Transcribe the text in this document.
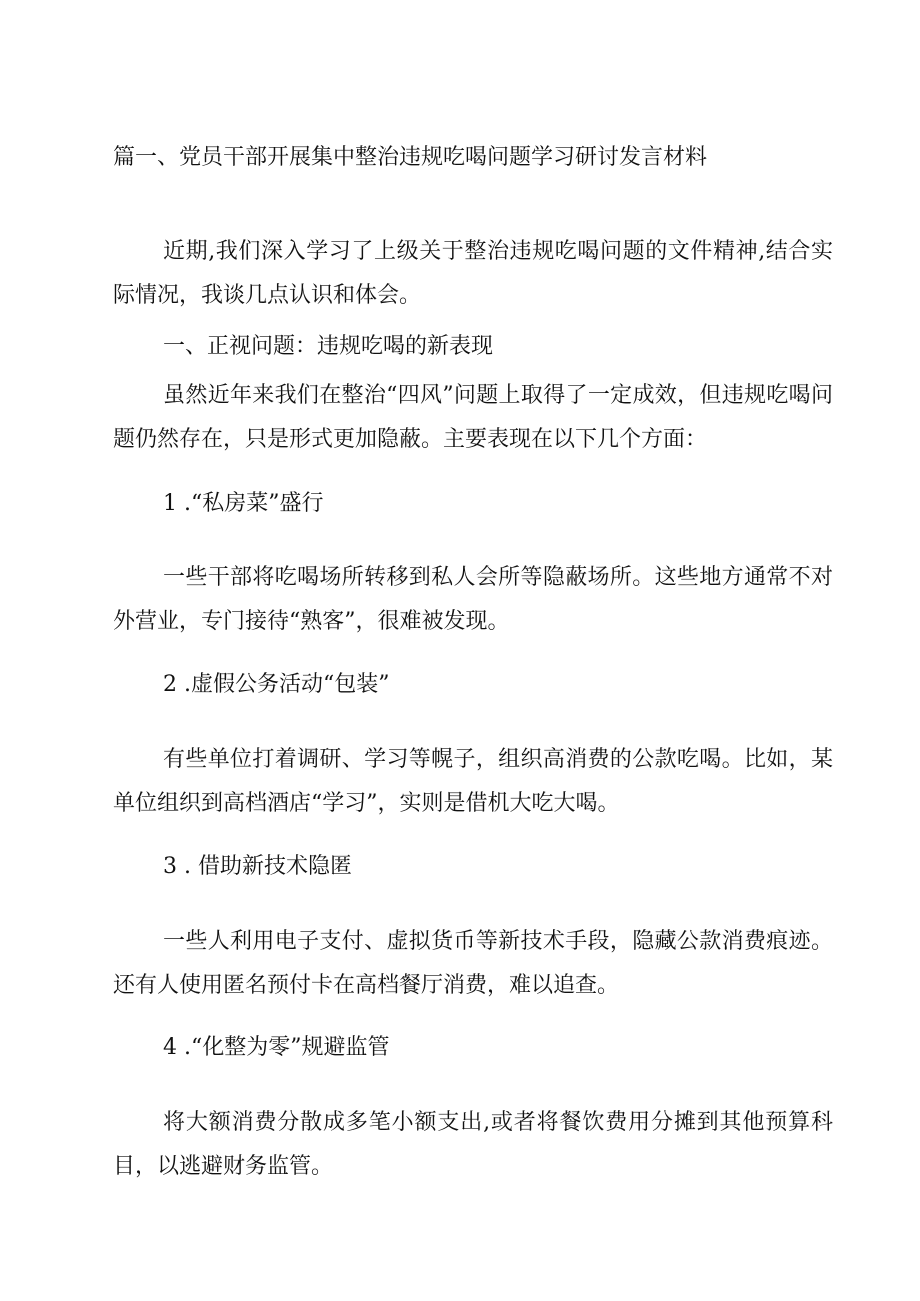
篇一、党员干部开展集中整治违规吃喝问题学习研讨发言材料
近期,我们深入学习了上级关于整治违规吃喝问题的文件精神,结合实际情况，我谈几点认识和体会。
一、正视问题：违规吃喝的新表现
虽然近年来我们在整治“四风”问题上取得了一定成效，但违规吃喝问题仍然存在，只是形式更加隐蔽。主要表现在以下几个方面：
1 .“私房菜”盛行
一些干部将吃喝场所转移到私人会所等隐蔽场所。这些地方通常不对外营业，专门接待“熟客”，很难被发现。
2 .虚假公务活动“包装”
有些单位打着调研、学习等幌子，组织高消费的公款吃喝。比如，某单位组织到高档酒店“学习”，实则是借机大吃大喝。
3 . 借助新技术隐匿
一些人利用电子支付、虚拟货币等新技术手段，隐藏公款消费痕迹。还有人使用匿名预付卡在高档餐厅消费，难以追查。
4 .“化整为零”规避监管
将大额消费分散成多笔小额支出,或者将餐饮费用分摊到其他预算科目，以逃避财务监管。
